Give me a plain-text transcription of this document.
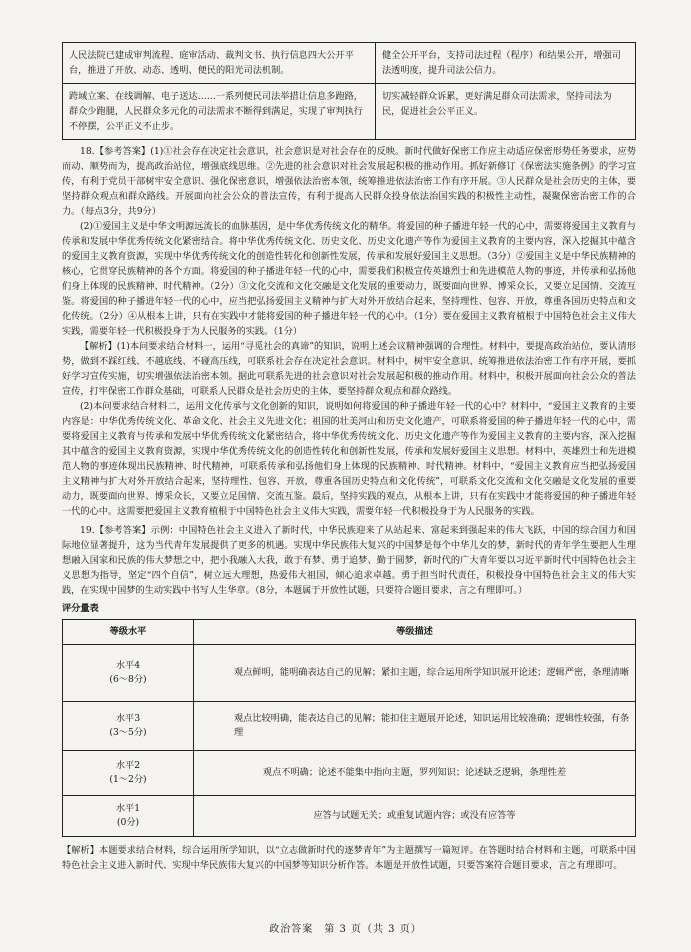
人民法院已建成审判流程、庭审活动、裁判文书、执行信息四大公开平台，推进了开放、动态、透明、便民的阳光司法机制。	健全公开平台，支持司法过程（程序）和结果公开，增强司法透明度，提升司法公信力。
跨域立案、在线调解、电子送达……一系列便民司法举措让信息多跑路，群众少跑腿，人民群众多元化的司法需求不断得到满足，实现了审判执行不停摆，公平正义不止步。	切实减轻群众诉累，更好满足群众司法需求，坚持司法为民，促进社会公平正义。

18.【参考答案】(1)①社会存在决定社会意识，社会意识是对社会存在的反映。新时代做好保密工作应主动适应保密形势任务要求，应势而动、顺势而为，提高政治站位，增强底线思维。②先进的社会意识对社会发展起积极的推动作用。抓好新修订《保密法实施条例》的学习宣传，有利于党员干部树牢安全意识、强化保密意识，增强依法治密本领，统筹推进依法治密工作有序开展。③人民群众是社会历史的主体，要坚持群众观点和群众路线。开展面向社会公众的普法宣传，有利于提高人民群众投身依法治国实践的积极性主动性，凝聚保密治密工作的合力。（每点3分，共9分）

(2)①爱国主义是中华文明源远流长的血脉基因，是中华优秀传统文化的精华。将爱国的种子播进年轻一代的心中，需要将爱国主义教育与传承和发展中华优秀传统文化紧密结合。将中华优秀传统文化、历史文化、历史文化遗产等作为爱国主义教育的主要内容，深入挖掘其中蕴含的爱国主义教育资源，实现中华优秀传统文化的创造性转化和创新性发展，传承和发展好爱国主义思想。（3分）②爱国主义是中华民族精神的核心，它贯穿民族精神的各个方面。将爱国的种子播进年轻一代的心中，需要我们积极宣传英雄烈士和先进模范人物的事迹，并传承和弘扬他们身上体现的民族精神、时代精神。（2分）③文化交流和文化交融是文化发展的重要动力，既要面向世界、博采众长，又要立足国情、交流互鉴。将爱国的种子播进年轻一代的心中，应当把弘扬爱国主义精神与扩大对外开放结合起来，坚持理性、包容、开放，尊重各国历史特点和文化传统。（2分）④从根本上讲，只有在实践中才能将爱国的种子播进年轻一代的心中。（1分）要在爱国主义教育植根于中国特色社会主义伟大实践，需要年轻一代积极投身于为人民服务的实践。（1分）

【解析】(1)本问要求结合材料一，运用“寻觅社会的真谛”的知识，说明上述会议精神强调的合理性。材料中，要提高政治站位，要认清形势，做到不踩红线、不越底线、不碰高压线，可联系社会存在决定社会意识。材料中，树牢安全意识、统筹推进依法治密工作有序开展，要抓好学习宣传实施，切实增强依法治密本领。据此可联系先进的社会意识对社会发展起积极的推动作用。材料中，积极开展面向社会公众的普法宣传，打牢保密工作群众基础，可联系人民群众是社会历史的主体，要坚持群众观点和群众路线。

(2)本问要求结合材料二，运用文化传承与文化创新的知识，说明如何将爱国的种子播进年轻一代的心中？材料中，“爱国主义教育的主要内容是：中华优秀传统文化、革命文化、社会主义先进文化；祖国的壮美河山和历史文化遗产，可联系将爱国的种子播进年轻一代的心中，需要将爱国主义教育与传承和发展中华优秀传统文化紧密结合，将中华优秀传统文化、历史文化遗产等作为爱国主义教育的主要内容，深入挖掘其中蕴含的爱国主义教育资源，实现中华优秀传统文化的创造性转化和创新性发展，传承和发展好爱国主义思想。材料中，英雄烈士和先进模范人物的事迹体现出民族精神、时代精神，可联系传承和弘扬他们身上体现的民族精神、时代精神。材料中，“爱国主义教育应当把弘扬爱国主义精神与扩大对外开放结合起来，坚持理性、包容、开放，尊重各国历史特点和文化传统”，可联系文化交流和文化交融是文化发展的重要动力，既要面向世界、博采众长，又要立足国情、交流互鉴。最后，坚持实践的观点，从根本上讲，只有在实践中才能将爱国的种子播进年轻一代的心中。这需要把爱国主义教育植根于中国特色社会主义伟大实践，需要年轻一代积极投身于为人民服务的实践。

19.【参考答案】示例：中国特色社会主义进入了新时代，中华民族迎来了从站起来、富起来到强起来的伟大飞跃，中国的综合国力和国际地位显著提升，这为当代青年发展提供了更多的机遇。实现中华民族伟大复兴的中国梦是每个中华儿女的梦，新时代的青年学生要把人生理想融入国家和民族的伟大梦想之中，把小我融入大我，敢于有梦、勇于追梦、勤于圆梦，新时代的广大青年要以习近平新时代中国特色社会主义思想为指导，坚定“四个自信”，树立远大理想，热爱伟大祖国，倾心追求卓越。勇于担当时代责任，积极投身中国特色社会主义的伟大实践，在实现中国梦的生动实践中书写人生华章。（8分，本题属于开放性试题，只要符合题目要求，言之有理即可。）

评分量表

等级水平	等级描述

水平4
(6～8分)	观点鲜明，能明确表达自己的见解；紧扣主题，综合运用所学知识展开论述；逻辑严密，条理清晰

水平3
(3～5分)	观点比较明确，能表达自己的见解；能扣住主题展开论述，知识运用比较准确；逻辑性较强，有条理

水平2
(1～2分)	观点不明确；论述不能集中指向主题，罗列知识；论述缺乏逻辑，条理性差

水平1
(0分)	应答与试题无关；或重复试题内容；或没有应答等

【解析】本题要求结合材料，综合运用所学知识，以“立志做新时代的逐梦青年”为主题撰写一篇短评。在答题时结合材料和主题，可联系中国特色社会主义进入新时代、实现中华民族伟大复兴的中国梦等知识分析作答。本题是开放性试题，只要答案符合题目要求，言之有理即可。

政治答案　第 3 页（共 3 页）
